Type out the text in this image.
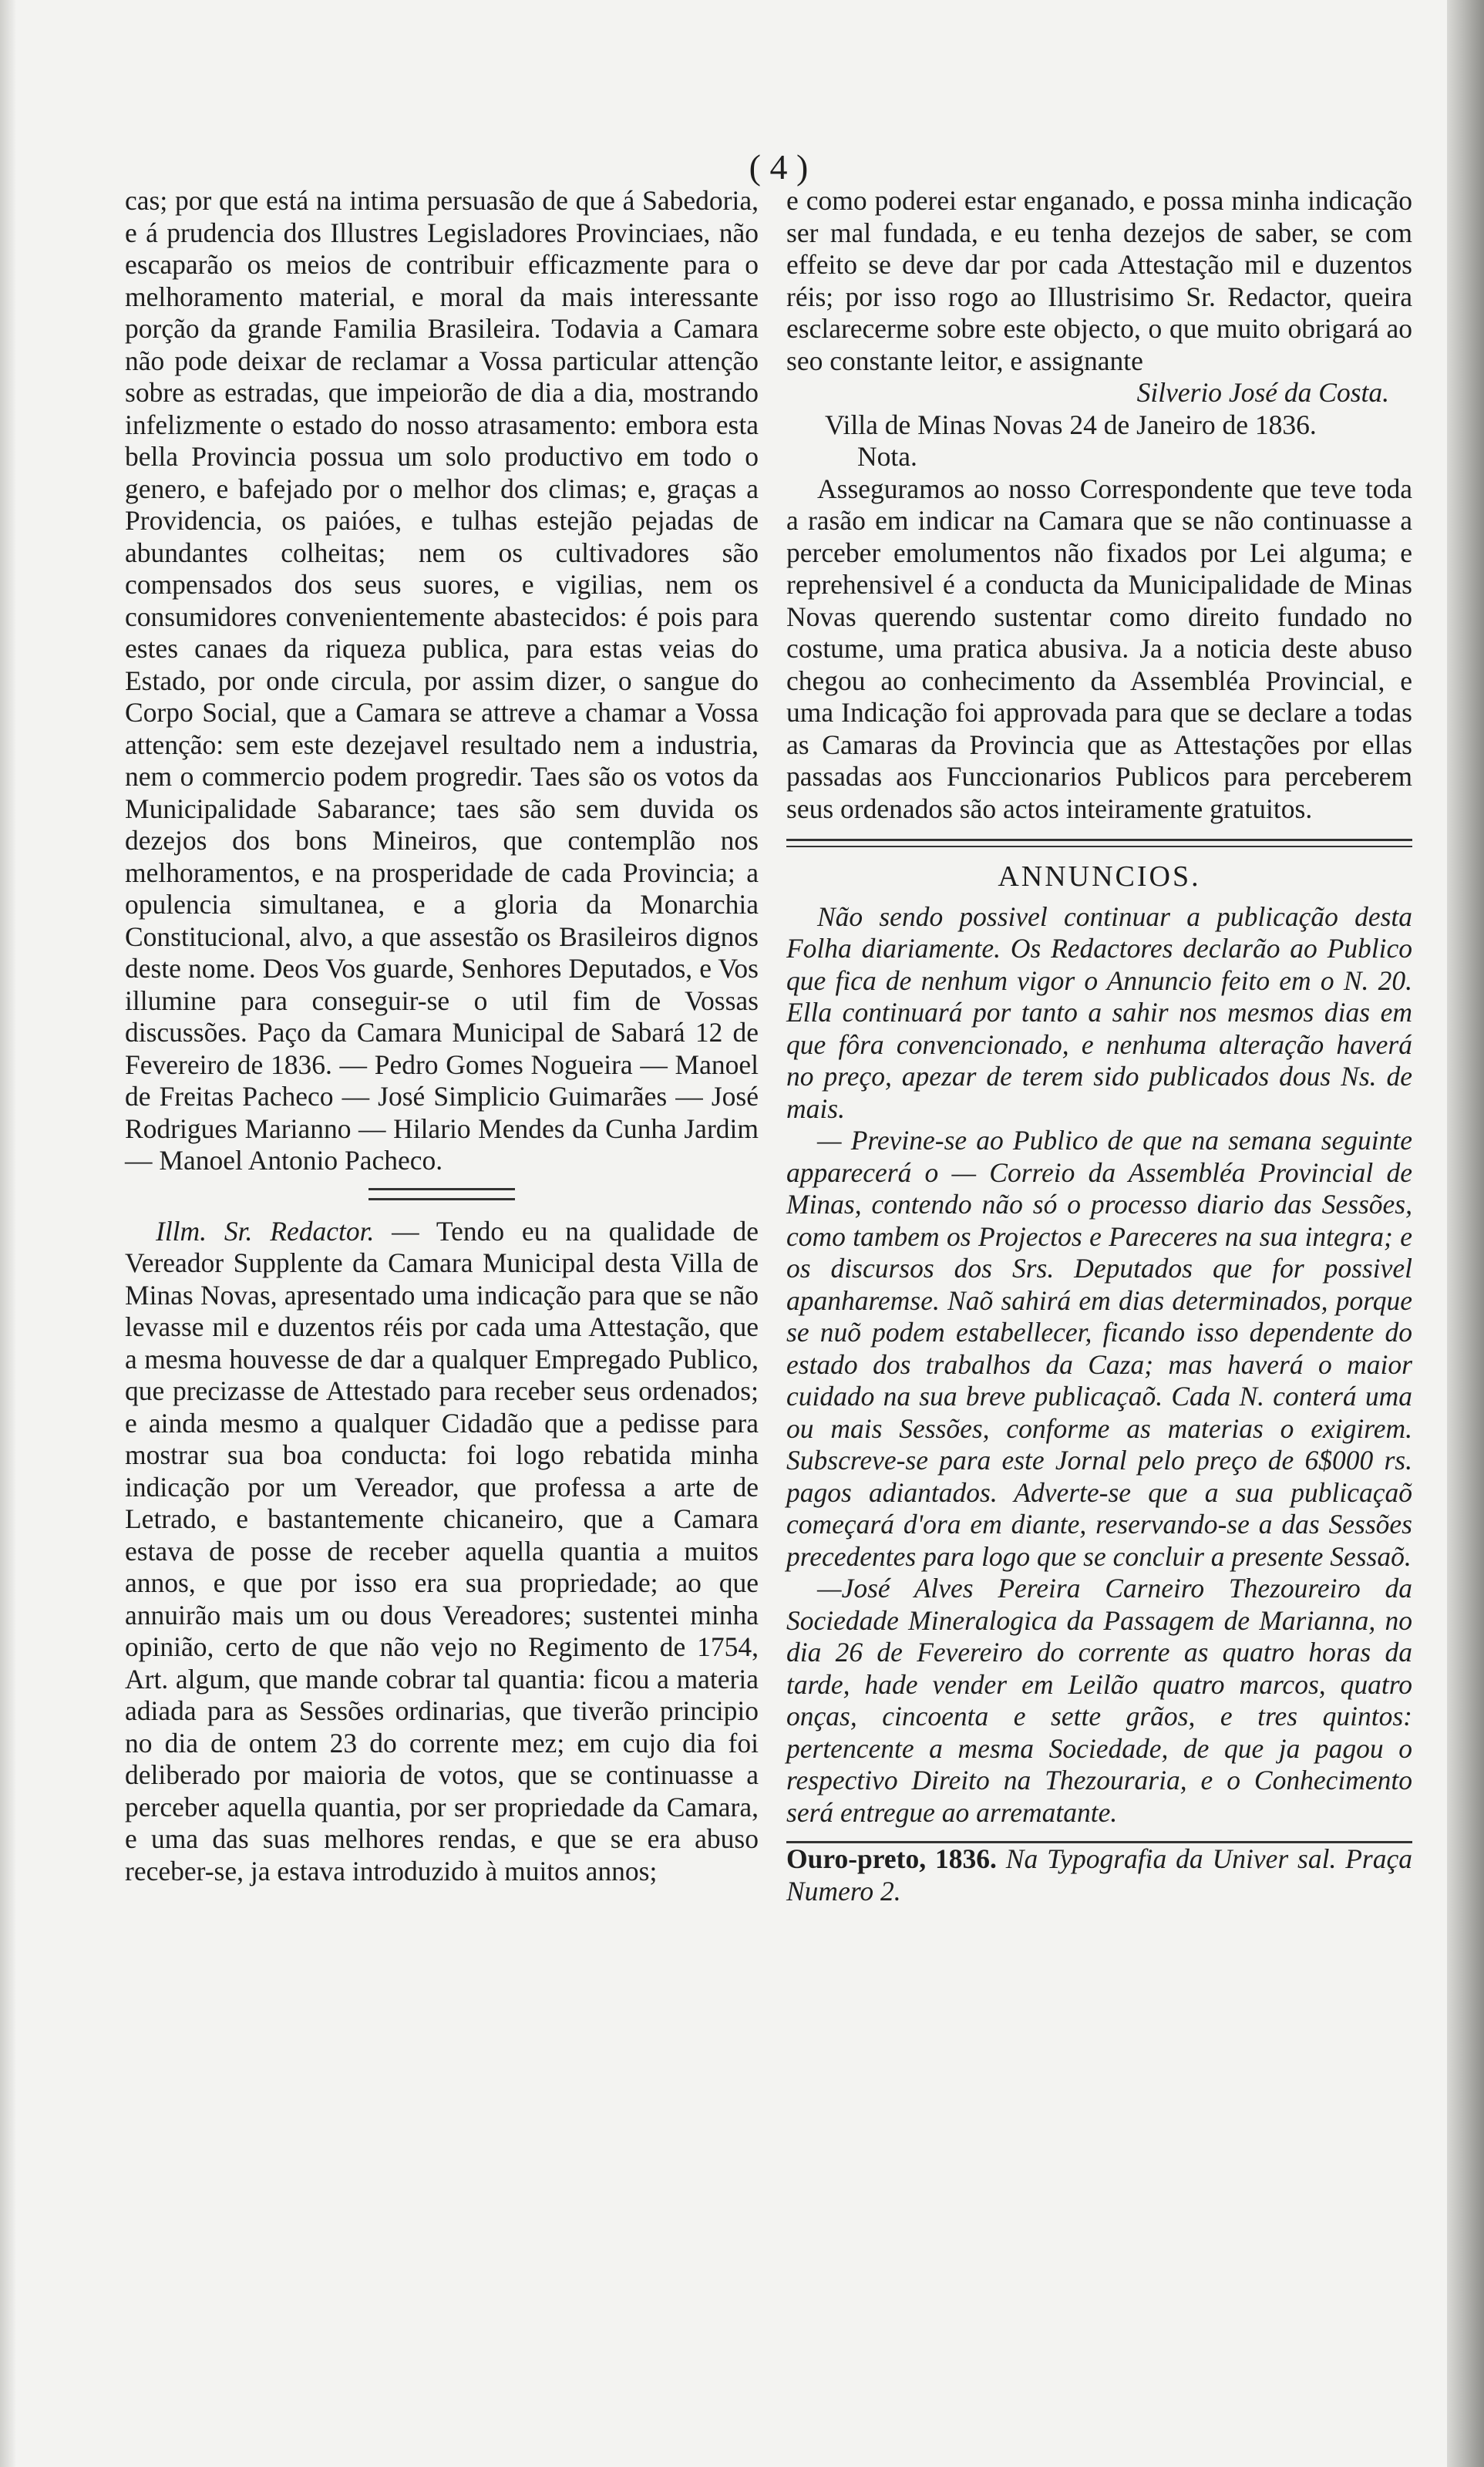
( 4 )

cas; por que está na intima persuasão de que á Sabedoria, e á prudencia dos Illustres Legisladores Provinciaes, não escaparão os meios de contribuir efficazmente para o melhoramento material, e moral da mais interessante porção da grande Familia Brasileira. Todavia a Camara não pode deixar de reclamar a Vossa particular attenção sobre as estradas, que impeiorão de dia a dia, mostrando infelizmente o estado do nosso atrasamento: embora esta bella Provincia possua um solo productivo em todo o genero, e bafejado por o melhor dos climas; e, graças a Providencia, os paióes, e tulhas estejão pejadas de abundantes colheitas; nem os cultivadores são compensados dos seus suores, e vigilias, nem os consumidores convenientemente abastecidos: é pois para estes canaes da riqueza publica, para estas veias do Estado, por onde circula, por assim dizer, o sangue do Corpo Social, que a Camara se attreve a chamar a Vossa attenção: sem este dezejavel resultado nem a industria, nem o commercio podem progredir. Taes são os votos da Municipalidade Sabarance; taes são sem duvida os dezejos dos bons Mineiros, que contemplão nos melhoramentos, e na prosperidade de cada Provincia; a opulencia simultanea, e a gloria da Monarchia Constitucional, alvo, a que assestão os Brasileiros dignos deste nome. Deos Vos guarde, Senhores Deputados, e Vos illumine para conseguir-se o util fim de Vossas discussões. Paço da Camara Municipal de Sabará 12 de Fevereiro de 1836. — Pedro Gomes Nogueira — Manoel de Freitas Pacheco — José Simplicio Guimarães — José Rodrigues Marianno — Hilario Mendes da Cunha Jardim — Manoel Antonio Pacheco.

Illm. Sr. Redactor. — Tendo eu na qualidade de Vereador Supplente da Camara Municipal desta Villa de Minas Novas, apresentado uma indicação para que se não levasse mil e duzentos réis por cada uma Attestação, que a mesma houvesse de dar a qualquer Empregado Publico, que precizasse de Attestado para receber seus ordenados; e ainda mesmo a qualquer Cidadão que a pedisse para mostrar sua boa conducta: foi logo rebatida minha indicação por um Vereador, que professa a arte de Letrado, e bastantemente chicaneiro, que a Camara estava de posse de receber aquella quantia a muitos annos, e que por isso era sua propriedade; ao que annuirão mais um ou dous Vereadores; sustentei minha opinião, certo de que não vejo no Regimento de 1754, Art. algum, que mande cobrar tal quantia: ficou a materia adiada para as Sessões ordinarias, que tiverão principio no dia de ontem 23 do corrente mez; em cujo dia foi deliberado por maioria de votos, que se continuasse a perceber aquella quantia, por ser propriedade da Camara, e uma das suas melhores rendas, e que se era abuso receber-se, ja estava introduzido à muitos annos;

e como poderei estar enganado, e possa minha indicação ser mal fundada, e eu tenha dezejos de saber, se com effeito se deve dar por cada Attestação mil e duzentos réis; por isso rogo ao Illustrisimo Sr. Redactor, queira esclarecerme sobre este objecto, o que muito obrigará ao seo constante leitor, e assignante

Silverio José da Costa.

Villa de Minas Novas 24 de Janeiro de 1836.

Nota.

Asseguramos ao nosso Correspondente que teve toda a rasão em indicar na Camara que se não continuasse a perceber emolumentos não fixados por Lei alguma; e reprehensivel é a conducta da Municipalidade de Minas Novas querendo sustentar como direito fundado no costume, uma pratica abusiva. Ja a noticia deste abuso chegou ao conhecimento da Assembléa Provincial, e uma Indicação foi approvada para que se declare a todas as Camaras da Provincia que as Attestações por ellas passadas aos Funccionarios Publicos para perceberem seus ordenados são actos inteiramente gratuitos.

ANNUNCIOS.

Não sendo possivel continuar a publicação desta Folha diariamente. Os Redactores declarão ao Publico que fica de nenhum vigor o Annuncio feito em o N. 20. Ella continuará por tanto a sahir nos mesmos dias em que fôra convencionado, e nenhuma alteração haverá no preço, apezar de terem sido publicados dous Ns. de mais.

— Previne-se ao Publico de que na semana seguinte apparecerá o — Correio da Assembléa Provincial de Minas, contendo não só o processo diario das Sessões, como tambem os Projectos e Pareceres na sua integra; e os discursos dos Srs. Deputados que for possivel apanharemse. Naõ sahirá em dias determinados, porque se nuõ podem estabellecer, ficando isso dependente do estado dos trabalhos da Caza; mas haverá o maior cuidado na sua breve publicaçaõ. Cada N. conterá uma ou mais Sessões, conforme as materias o exigirem. Subscreve-se para este Jornal pelo preço de 6$000 rs. pagos adiantados. Adverte-se que a sua publicaçaõ começará d'ora em diante, reservando-se a das Sessões precedentes para logo que se concluir a presente Sessaõ.

—José Alves Pereira Carneiro Thezoureiro da Sociedade Mineralogica da Passagem de Marianna, no dia 26 de Fevereiro do corrente as quatro horas da tarde, hade vender em Leilão quatro marcos, quatro onças, cincoenta e sette grãos, e tres quintos: pertencente a mesma Sociedade, de que ja pagou o respectivo Direito na Thezouraria, e o Conhecimento será entregue ao arrematante.

Ouro-preto, 1836. Na Typografia da Univer sal. Praça Numero 2.
